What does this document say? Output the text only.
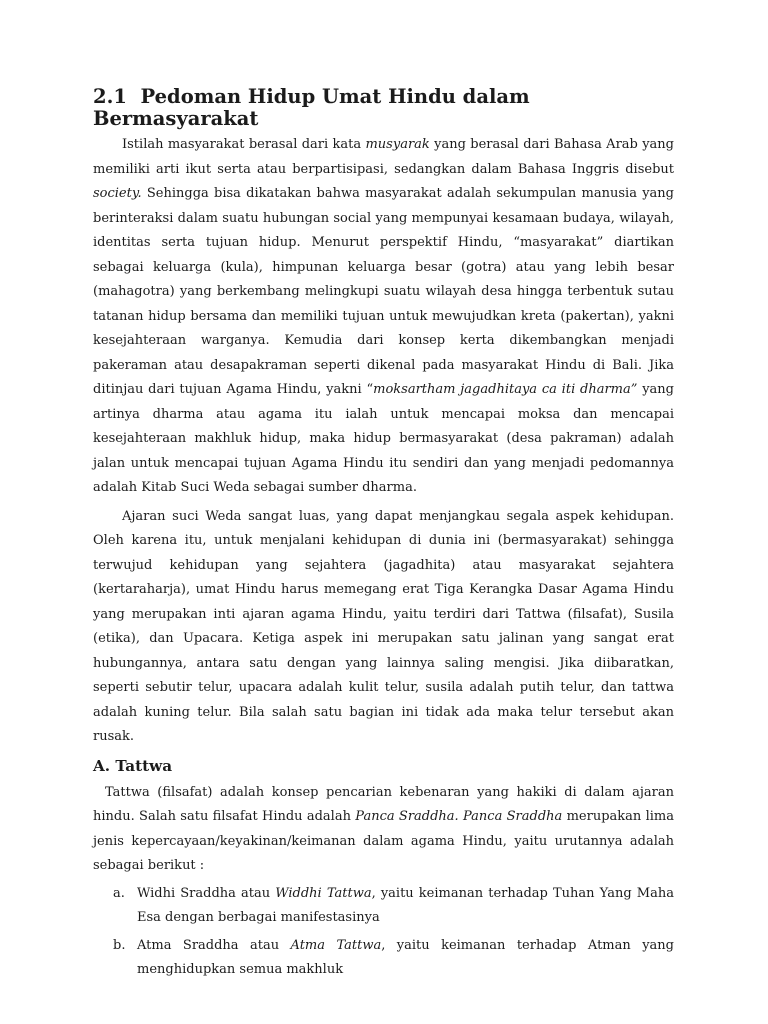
2.1 Pedoman Hidup Umat Hindu dalam Bermasyarakat

Istilah masyarakat berasal dari kata musyarak yang berasal dari Bahasa Arab yang memiliki arti ikut serta atau berpartisipasi, sedangkan dalam Bahasa Inggris disebut society. Sehingga bisa dikatakan bahwa masyarakat adalah sekumpulan manusia yang berinteraksi dalam suatu hubungan social yang mempunyai kesamaan budaya, wilayah, identitas serta tujuan hidup. Menurut perspektif Hindu, “masyarakat” diartikan sebagai keluarga (kula), himpunan keluarga besar (gotra) atau yang lebih besar (mahagotra) yang berkembang melingkupi suatu wilayah desa hingga terbentuk sutau tatanan hidup bersama dan memiliki tujuan untuk mewujudkan kreta (pakertan), yakni kesejahteraan warganya. Kemudia dari konsep kerta dikembangkan menjadi pakeraman atau desapakraman seperti dikenal pada masyarakat Hindu di Bali. Jika ditinjau dari tujuan Agama Hindu, yakni “moksartham jagadhitaya ca iti dharma” yang artinya dharma atau agama itu ialah untuk mencapai moksa dan mencapai kesejahteraan makhluk hidup, maka hidup bermasyarakat (desa pakraman) adalah jalan untuk mencapai tujuan Agama Hindu itu sendiri dan yang menjadi pedomannya adalah Kitab Suci Weda sebagai sumber dharma.

Ajaran suci Weda sangat luas, yang dapat menjangkau segala aspek kehidupan. Oleh karena itu, untuk menjalani kehidupan di dunia ini (bermasyarakat) sehingga terwujud kehidupan yang sejahtera (jagadhita) atau masyarakat sejahtera (kertaraharja), umat Hindu harus memegang erat Tiga Kerangka Dasar Agama Hindu yang merupakan inti ajaran agama Hindu, yaitu terdiri dari Tattwa (filsafat), Susila (etika), dan Upacara. Ketiga aspek ini merupakan satu jalinan yang sangat erat hubungannya, antara satu dengan yang lainnya saling mengisi. Jika diibaratkan, seperti sebutir telur, upacara adalah kulit telur, susila adalah putih telur, dan tattwa adalah kuning telur. Bila salah satu bagian ini tidak ada maka telur tersebut akan rusak.

A. Tattwa

Tattwa (filsafat) adalah konsep pencarian kebenaran yang hakiki di dalam ajaran hindu. Salah satu filsafat Hindu adalah Panca Sraddha. Panca Sraddha merupakan lima jenis kepercayaan/keyakinan/keimanan dalam agama Hindu, yaitu urutannya adalah sebagai berikut :

a. Widhi Sraddha atau Widdhi Tattwa, yaitu keimanan terhadap Tuhan Yang Maha Esa dengan berbagai manifestasinya
b. Atma Sraddha atau Atma Tattwa, yaitu keimanan terhadap Atman yang menghidupkan semua makhluk
